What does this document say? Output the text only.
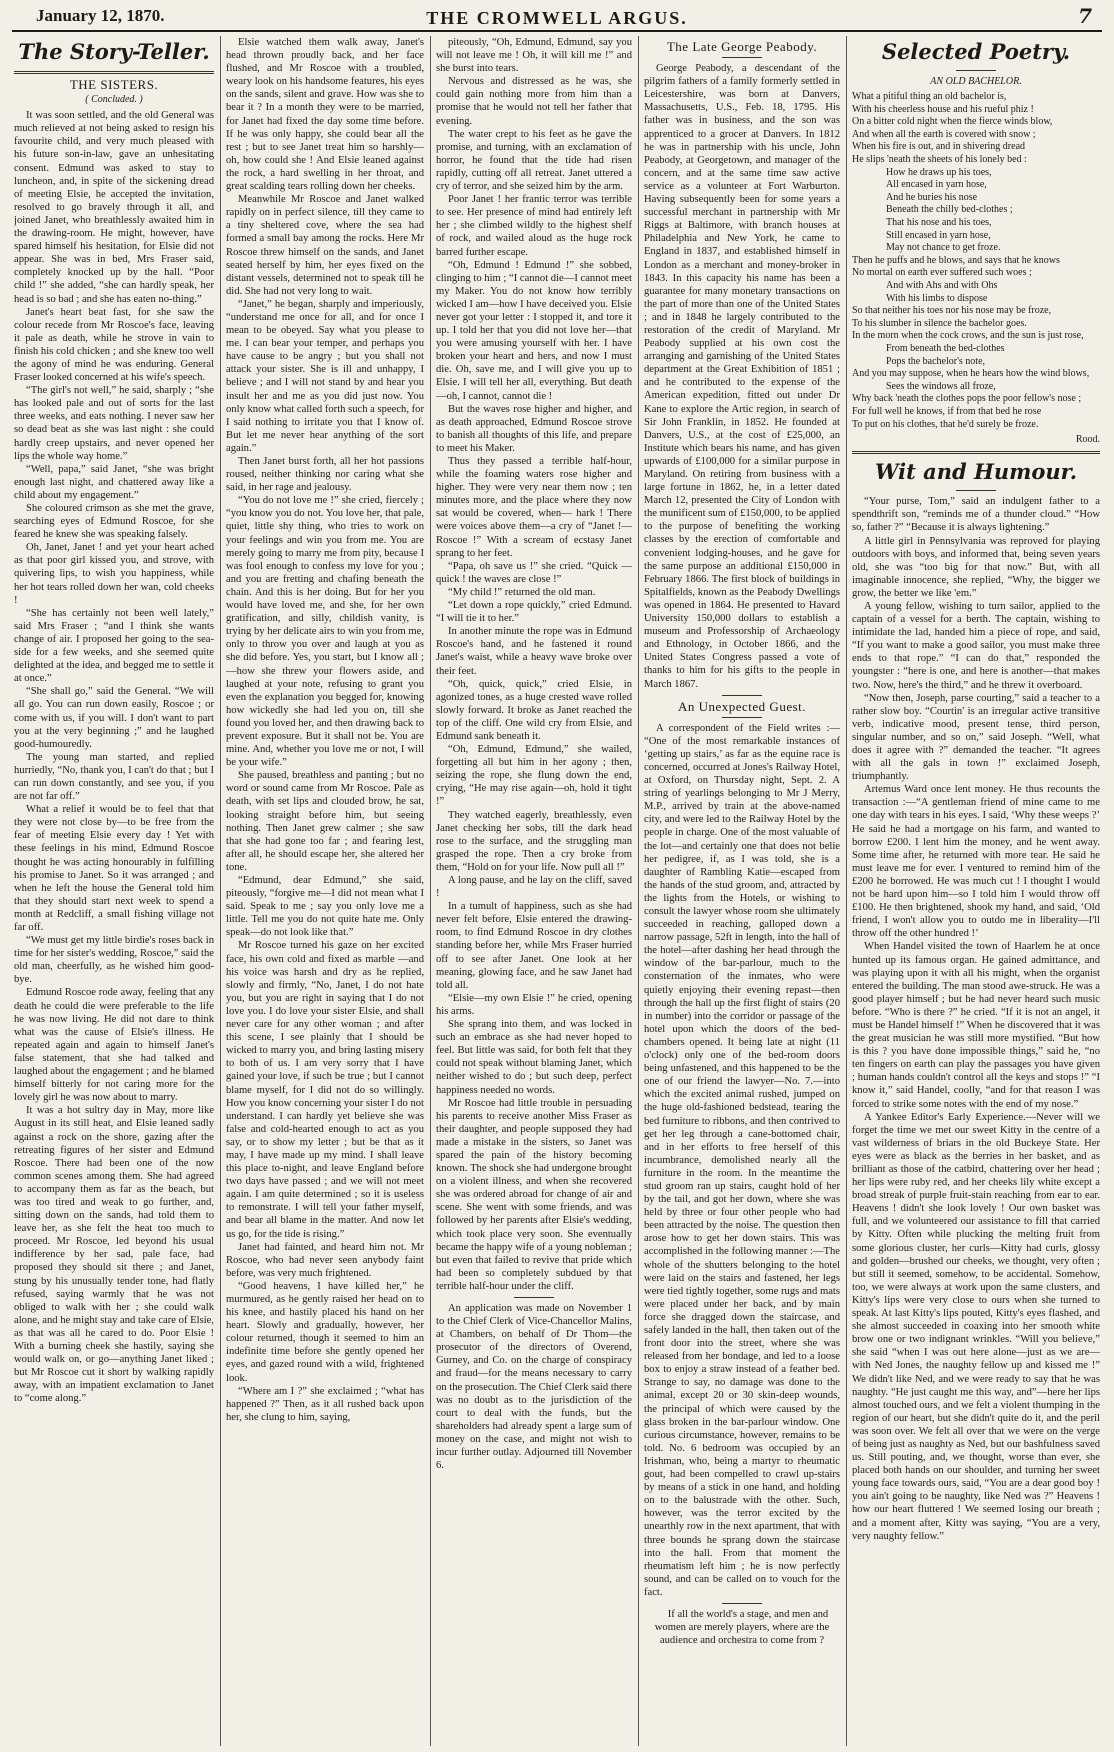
January 12, 1870.	THE CROMWELL ARGUS.	7
The Story-Teller.
THE SISTERS.
( Concluded. )

It was soon settled, and the old General was much relieved at not being asked to resign his favourite child, and very much pleased with his future son-in-law, gave an unhesitating consent. Edmund was asked to stay to luncheon, and, in spite of the sickening dread of meeting Elsie, he accepted the invitation, resolved to go bravely through it all, and joined Janet, who breathlessly awaited him in the drawing-room. He might, however, have spared himself his hesitation, for Elsie did not appear. She was in bed, Mrs Fraser said, completely knocked up by the hall. “Poor child !” she added, “she can hardly speak, her head is so bad ; and she has eaten no-thing.”

Janet's heart beat fast, for she saw the colour recede from Mr Roscoe's face, leaving it pale as death, while he strove in vain to finish his cold chicken ; and she knew too well the agony of mind he was enduring. General Fraser looked concerned at his wife's speech.

“The girl's not well,” he said, sharply ; “she has looked pale and out of sorts for the last three weeks, and eats nothing. I never saw her so dead beat as she was last night : she could hardly creep upstairs, and never opened her lips the whole way home.”

“Well, papa,” said Janet, “she was bright enough last night, and chattered away like a child about my engagement.”

She coloured crimson as she met the grave, searching eyes of Edmund Roscoe, for she feared he knew she was speaking falsely.

Oh, Janet, Janet ! and yet your heart ached as that poor girl kissed you, and strove, with quivering lips, to wish you happiness, while her hot tears rolled down her wan, cold cheeks !

“She has certainly not been well lately,” said Mrs Fraser ; “and I think she wants change of air. I proposed her going to the sea-side for a few weeks, and she seemed quite delighted at the idea, and begged me to settle it at once.”

“She shall go,” said the General. “We will all go. You can run down easily, Roscoe ; or come with us, if you will. I don't want to part you at the very beginning ;” and he laughed good-humouredly.

The young man started, and replied hurriedly, “No, thank you, I can't do that ; but I can run down constantly, and see you, if you are not far off.”

What a relief it would be to feel that that they were not close by—to be free from the fear of meeting Elsie every day ! Yet with these feelings in his mind, Edmund Roscoe thought he was acting honourably in fulfilling his promise to Janet. So it was arranged ; and when he left the house the General told him that they should start next week to spend a month at Redcliff, a small fishing village not far off.

“We must get my little birdie's roses back in time for her sister's wedding, Roscoe,” said the old man, cheerfully, as he wished him good-bye.

Edmund Roscoe rode away, feeling that any death he could die were preferable to the life he was now living. He did not dare to think what was the cause of Elsie's illness. He repeated again and again to himself Janet's false statement, that she had talked and laughed about the engagement ; and he blamed himself bitterly for not caring more for the lovely girl he was now about to marry.

It was a hot sultry day in May, more like August in its still heat, and Elsie leaned sadly against a rock on the shore, gazing after the retreating figures of her sister and Edmund Roscoe. There had been one of the now common scenes among them. She had agreed to accompany them as far as the beach, but was too tired and weak to go further, and, sitting down on the sands, had told them to leave her, as she felt the heat too much to proceed. Mr Roscoe, led beyond his usual indifference by her sad, pale face, had proposed they should sit there ; and Janet, stung by his unusually tender tone, had flatly refused, saying warmly that he was not obliged to walk with her ; she could walk alone, and he might stay and take care of Elsie, as that was all he cared to do. Poor Elsie ! With a burning cheek she hastily, saying she would walk on, or go—anything Janet liked ; but Mr Roscoe cut it short by walking rapidly away, with an impatient exclamation to Janet to “come along.”

Elsie watched them walk away, Janet's head thrown proudly back, and her face flushed, and Mr Roscoe with a troubled, weary look on his handsome features, his eyes on the sands, silent and grave. How was she to bear it ? In a month they were to be married, for Janet had fixed the day some time before. If he was only happy, she could bear all the rest ; but to see Janet treat him so harshly—oh, how could she ! And Elsie leaned against the rock, a hard swelling in her throat, and great scalding tears rolling down her cheeks.

Meanwhile Mr Roscoe and Janet walked rapidly on in perfect silence, till they came to a tiny sheltered cove, where the sea had formed a small bay among the rocks. Here Mr Roscoe threw himself on the sands, and Janet seated herself by him, her eyes fixed on the distant vessels, determined not to speak till he did. She had not very long to wait.

“Janet,” he began, sharply and imperiously, “understand me once for all, and for once I mean to be obeyed. Say what you please to me. I can bear your temper, and perhaps you have cause to be angry ; but you shall not attack your sister. She is ill and unhappy, I believe ; and I will not stand by and hear you insult her and me as you did just now. You only know what called forth such a speech, for I said nothing to irritate you that I know of. But let me never hear anything of the sort again.”

Then Janet burst forth, all her hot passions roused, neither thinking nor caring what she said, in her rage and jealousy.

“You do not love me !” she cried, fiercely ; “you know you do not. You love her, that pale, quiet, little shy thing, who tries to work on your feelings and win you from me. You are merely going to marry me from pity, because I was fool enough to confess my love for you ; and you are fretting and chafing beneath the chain. And this is her doing. But for her you would have loved me, and she, for her own gratification, and silly, childish vanity, is trying by her delicate airs to win you from me, only to throw you over and laugh at you as she did before. Yes, you start, but I know all ;—how she threw your flowers aside, and laughed at your note, refusing to grant you even the explanation you begged for, knowing how wickedly she had led you on, till she found you loved her, and then drawing back to prevent exposure. But it shall not be. You are mine. And, whether you love me or not, I will be your wife.”

She paused, breathless and panting ; but no word or sound came from Mr Roscoe. Pale as death, with set lips and clouded brow, he sat, looking straight before him, but seeing nothing. Then Janet grew calmer ; she saw that she had gone too far ; and fearing lest, after all, he should escape her, she altered her tone.

“Edmund, dear Edmund,” she said, piteously, “forgive me—I did not mean what I said. Speak to me ; say you only love me a little. Tell me you do not quite hate me. Only speak—do not look like that.”

Mr Roscoe turned his gaze on her excited face, his own cold and fixed as marble —and his voice was harsh and dry as he replied, slowly and firmly, “No, Janet, I do not hate you, but you are right in saying that I do not love you. I do love your sister Elsie, and shall never care for any other woman ; and after this scene, I see plainly that I should be wicked to marry you, and bring lasting misery to both of us. I am very sorry that I have gained your love, if such be true ; but I cannot blame myself, for I did not do so willingly. How you know concerning your sister I do not understand. I can hardly yet believe she was false and cold-hearted enough to act as you say, or to show my letter ; but be that as it may, I have made up my mind. I shall leave this place to-night, and leave England before two days have passed ; and we will not meet again. I am quite determined ; so it is useless to remonstrate. I will tell your father myself, and bear all blame in the matter. And now let us go, for the tide is rising.”

Janet had fainted, and heard him not. Mr Roscoe, who had never seen anybody faint before, was very much frightened.

“Good heavens, I have killed her,” he murmured, as he gently raised her head on to his knee, and hastily placed his hand on her heart. Slowly and gradually, however, her colour returned, though it seemed to him an indefinite time before she gently opened her eyes, and gazed round with a wild, frightened look.

“Where am I ?” she exclaimed ; “what has happened ?” Then, as it all rushed back upon her, she clung to him, saying,

piteously, “Oh, Edmund, Edmund, say you will not leave me ! Oh, it will kill me !” and she burst into tears.

Nervous and distressed as he was, she could gain nothing more from him than a promise that he would not tell her father that evening.

The water crept to his feet as he gave the promise, and turning, with an exclamation of horror, he found that the tide had risen rapidly, cutting off all retreat. Janet uttered a cry of terror, and she seized him by the arm.

Poor Janet ! her frantic terror was terrible to see. Her presence of mind had entirely left her ; she climbed wildly to the highest shelf of rock, and wailed aloud as the huge rock barred further escape.

“Oh, Edmund ! Edmund !” she sobbed, clinging to him ; “I cannot die—I cannot meet my Maker. You do not know how terribly wicked I am—how I have deceived you. Elsie never got your letter : I stopped it, and tore it up. I told her that you did not love her—that you were amusing yourself with her. I have broken your heart and hers, and now I must die. Oh, save me, and I will give you up to Elsie. I will tell her all, everything. But death —oh, I cannot, cannot die !

But the waves rose higher and higher, and as death approached, Edmund Roscoe strove to banish all thoughts of this life, and prepare to meet his Maker.

Thus they passed a terrible half-hour, while the foaming waters rose higher and higher. They were very near them now ; ten minutes more, and the place where they now sat would be covered, when— hark ! There were voices above them—a cry of “Janet !—Roscoe !” With a scream of ecstasy Janet sprang to her feet.

“Papa, oh save us !” she cried. “Quick —quick ! the waves are close !”

“My child !” returned the old man.

“Let down a rope quickly,” cried Edmund. “I will tie it to her.”

In another minute the rope was in Edmund Roscoe's hand, and he fastened it round Janet's waist, while a heavy wave broke over their feet.

“Oh, quick, quick,” cried Elsie, in agonized tones, as a huge crested wave rolled slowly forward. It broke as Janet reached the top of the cliff. One wild cry from Elsie, and Edmund sank beneath it.

“Oh, Edmund, Edmund,” she wailed, forgetting all but him in her agony ; then, seizing the rope, she flung down the end, crying, “He may rise again—oh, hold it tight !”

They watched eagerly, breathlessly, even Janet checking her sobs, till the dark head rose to the surface, and the struggling man grasped the rope. Then a cry broke from them, “Hold on for your life. Now pull all !”

A long pause, and he lay on the cliff, saved !

In a tumult of happiness, such as she had never felt before, Elsie entered the drawing-room, to find Edmund Roscoe in dry clothes standing before her, while Mrs Fraser hurried off to see after Janet. One look at her meaning, glowing face, and he saw Janet had told all.

“Elsie—my own Elsie !” he cried, opening his arms.

She sprang into them, and was locked in such an embrace as she had never hoped to feel. But little was said, for both felt that they could not speak without blaming Janet, which neither wished to do ; but such deep, perfect happiness needed no words.

Mr Roscoe had little trouble in persuading his parents to receive another Miss Fraser as their daughter, and people supposed they had made a mistake in the sisters, so Janet was spared the pain of the history becoming known. The shock she had undergone brought on a violent illness, and when she recovered she was ordered abroad for change of air and scene. She went with some friends, and was followed by her parents after Elsie's wedding, which took place very soon. She eventually became the happy wife of a young nobleman ; but even that failed to revive that pride which had been so completely subdued by that terrible half-hour under the cliff.

An application was made on November 1 to the Chief Clerk of Vice-Chancellor Malins, at Chambers, on behalf of Dr Thom—the prosecutor of the directors of Overend, Gurney, and Co. on the charge of conspiracy and fraud—for the means necessary to carry on the prosecution. The Chief Clerk said there was no doubt as to the jurisdiction of the court to deal with the funds, but the shareholders had already spent a large sum of money on the case, and might not wish to incur further outlay. Adjourned till November 6.

The Late George Peabody.

George Peabody, a descendant of the pilgrim fathers of a family formerly settled in Leicestershire, was born at Danvers, Massachusetts, U.S., Feb. 18, 1795. His father was in business, and the son was apprenticed to a grocer at Danvers. In 1812 he was in partnership with his uncle, John Peabody, at Georgetown, and manager of the concern, and at the same time saw active service as a volunteer at Fort Warburton. Having subsequently been for some years a successful merchant in partnership with Mr Riggs at Baltimore, with branch houses at Philadelphia and New York, he came to England in 1837, and established himself in London as a merchant and money-broker in 1843. In this capacity his name has been a guarantee for many monetary transactions on the part of more than one of the United States ; and in 1848 he largely contributed to the restoration of the credit of Maryland. Mr Peabody supplied at his own cost the arranging and garnishing of the United States department at the Great Exhibition of 1851 ; and he contributed to the expense of the American expedition, fitted out under Dr Kane to explore the Artic region, in search of Sir John Franklin, in 1852. He founded at Danvers, U.S., at the cost of £25,000, an Institute which bears his name, and has given upwards of £100,000 for a similar purpose in Maryland. On retiring from business with a large fortune in 1862, he, in a letter dated March 12, presented the City of London with the munificent sum of £150,000, to be applied to the purpose of benefiting the working classes by the erection of comfortable and convenient lodging-houses, and he gave for the same purpose an additional £150,000 in February 1866. The first block of buildings in Spitalfields, known as the Peabody Dwellings was opened in 1864. He presented to Havard University 150,000 dollars to establish a museum and Professorship of Archaeology and Ethnology, in October 1866, and the United States Congress passed a vote of thanks to him for his gifts to the people in March 1867.

An Unexpected Guest.

A correspondent of the Field writes :— “One of the most remarkable instances of ‘getting up stairs,’ as far as the equine race is concerned, occurred at Jones's Railway Hotel, at Oxford, on Thursday night, Sept. 2. A string of yearlings belonging to Mr J Merry, M.P., arrived by train at the above-named city, and were led to the Railway Hotel by the people in charge. One of the most valuable of the lot—and certainly one that does not belie her pedigree, if, as I was told, she is a daughter of Rambling Katie—escaped from the hands of the stud groom, and, attracted by the lights from the Hotels, or wishing to consult the lawyer whose room she ultimately succeeded in reaching, galloped down a narrow passage, 52ft in length, into the hall of the hotel—after dashing her head through the window of the bar-parlour, much to the consternation of the inmates, who were quietly enjoying their evening repast—then through the hall up the first flight of stairs (20 in number) into the corridor or passage of the hotel upon which the doors of the bed-chambers opened. It being late at night (11 o'clock) only one of the bed-room doors being unfastened, and this happened to be the one of our friend the lawyer—No. 7.—into which the excited animal rushed, jumped on the huge old-fashioned bedstead, tearing the bed furniture to ribbons, and then contrived to get her leg through a cane-bottomed chair, and in her efforts to free herself of this incumbrance, demolished nearly all the furniture in the room. In the meantime the stud groom ran up stairs, caught hold of her by the tail, and got her down, where she was held by three or four other people who had been attracted by the noise. The question then arose how to get her down stairs. This was accomplished in the following manner :—The whole of the shutters belonging to the hotel were laid on the stairs and fastened, her legs were tied tightly together, some rugs and mats were placed under her back, and by main force she dragged down the staircase, and safely landed in the hall, then taken out of the front door into the street, where she was released from her bondage, and led to a loose box to enjoy a straw instead of a feather bed. Strange to say, no damage was done to the animal, except 20 or 30 skin-deep wounds, the principal of which were caused by the glass broken in the bar-parlour window. One curious circumstance, however, remains to be told. No. 6 bedroom was occupied by an Irishman, who, being a martyr to rheumatic gout, had been compelled to crawl up-stairs by means of a stick in one hand, and holding on to the balustrade with the other. Such, however, was the terror excited by the unearthly row in the next apartment, that with three bounds he sprang down the staircase into the hall. From that moment the rheumatism left him ; he is now perfectly sound, and can be called on to vouch for the fact.

If all the world's a stage, and men and women are merely players, where are the audience and orchestra to come from ?

Selected Poetry.
AN OLD BACHELOR.
What a pitiful thing an old bachelor is,
With his cheerless house and his rueful phiz !
On a bitter cold night when the fierce winds blow,
And when all the earth is covered with snow ;
When his fire is out, and in shivering dread
He slips 'neath the sheets of his lonely bed :
How he draws up his toes,
All encased in yarn hose,
And he buries his nose
Beneath the chilly bed-clothes ;
That his nose and his toes,
Still encased in yarn hose,
May not chance to get froze.
Then he puffs and he blows, and says that he knows
No mortal on earth ever suffered such woes ;
And with Ahs and with Ohs
With his limbs to dispose
So that neither his toes nor his nose may be froze,
To his slumber in silence the bachelor goes.
In the morn when the cock crows, and the sun is just rose,
From beneath the bed-clothes
Pops the bachelor's note,
And you may suppose, when he hears how the wind blows,
Sees the windows all froze,
Why back 'neath the clothes pops the poor fellow's nose ;
For full well he knows, if from that bed he rose
To put on his clothes, that he'd surely be froze.
Rood.
Wit and Humour.

“Your purse, Tom,” said an indulgent father to a spendthrift son, “reminds me of a thunder cloud.” “How so, father ?” “Because it is always lightening.”

A little girl in Pennsylvania was reproved for playing outdoors with boys, and informed that, being seven years old, she was “too big for that now.” But, with all imaginable innocence, she replied, “Why, the bigger we grow, the better we like 'em.”

A young fellow, wishing to turn sailor, applied to the captain of a vessel for a berth. The captain, wishing to intimidate the lad, handed him a piece of rope, and said, “If you want to make a good sailor, you must make three ends to that rope.” “I can do that,” responded the youngster : “here is one, and here is another—that makes two. Now, here's the third,” and he threw it overboard.

“Now then, Joseph, parse courting,” said a teacher to a rather slow boy. “Courtin' is an irregular active transitive verb, indicative mood, present tense, third person, singular number, and so on,” said Joseph. “Well, what does it agree with ?” demanded the teacher. “It agrees with all the gals in town !” exclaimed Joseph, triumphantly.

Artemus Ward once lent money. He thus recounts the transaction :—“A gentleman friend of mine came to me one day with tears in his eyes. I said, ‘Why these weeps ?’ He said he had a mortgage on his farm, and wanted to borrow £200. I lent him the money, and he went away. Some time after, he returned with more tear. He said he must leave me for ever. I ventured to remind him of the £200 he borrowed. He was much cut ! I thought I would not be hard upon him—so I told him I would throw off £100. He then brightened, shook my hand, and said, ‘Old friend, I won't allow you to outdo me in liberality—I'll throw off the other hundred !’

When Handel visited the town of Haarlem he at once hunted up its famous organ. He gained admittance, and was playing upon it with all his might, when the organist entered the building. The man stood awe-struck. He was a good player himself ; but he had never heard such music before. “Who is there ?” he cried. “If it is not an angel, it must be Handel himself !” When he discovered that it was the great musician he was still more mystified. “But how is this ? you have done impossible things,” said he, “no ten fingers on earth can play the passages you have given ; human hands couldn't control all the keys and stops !” “I know it,” said Handel, coolly, “and for that reason I was forced to strike some notes with the end of my nose.”

A Yankee Editor's Early Experience.—Never will we forget the time we met our sweet Kitty in the centre of a vast wilderness of briars in the old Buckeye State. Her eyes were as black as the berries in her basket, and as brilliant as those of the catbird, chattering over her head ; her lips were ruby red, and her cheeks lily white except a broad streak of purple fruit-stain reaching from ear to ear. Heavens ! didn't she look lovely ! Our own basket was full, and we volunteered our assistance to fill that carried by Kitty. Often while plucking the melting fruit from some glorious cluster, her curls—Kitty had curls, glossy and golden—brushed our cheeks, we thought, very often ; but still it seemed, somehow, to be accidental. Somehow, too, we were always at work upon the same clusters, and Kitty's lips were very close to ours when she turned to speak. At last Kitty's lips pouted, Kitty's eyes flashed, and she almost succeeded in coaxing into her smooth white brow one or two indignant wrinkles. “Will you believe,” she said “when I was out here alone—just as we are—with Ned Jones, the naughty fellow up and kissed me !” We didn't like Ned, and we were ready to say that he was naughty. “He just caught me this way, and”—here her lips almost touched ours, and we felt a violent thumping in the region of our heart, but she didn't quite do it, and the peril was soon over. We felt all over that we were on the verge of being just as naughty as Ned, but our bashfulness saved us. Still pouting, and, we thought, worse than ever, she placed both hands on our shoulder, and turning her sweet young face towards ours, said, “You are a dear good boy ! you ain't going to be naughty, like Ned was ?” Heavens ! how our heart fluttered ! We seemed losing our breath ; and a moment after, Kitty was saying, “You are a very, very naughty fellow.”
